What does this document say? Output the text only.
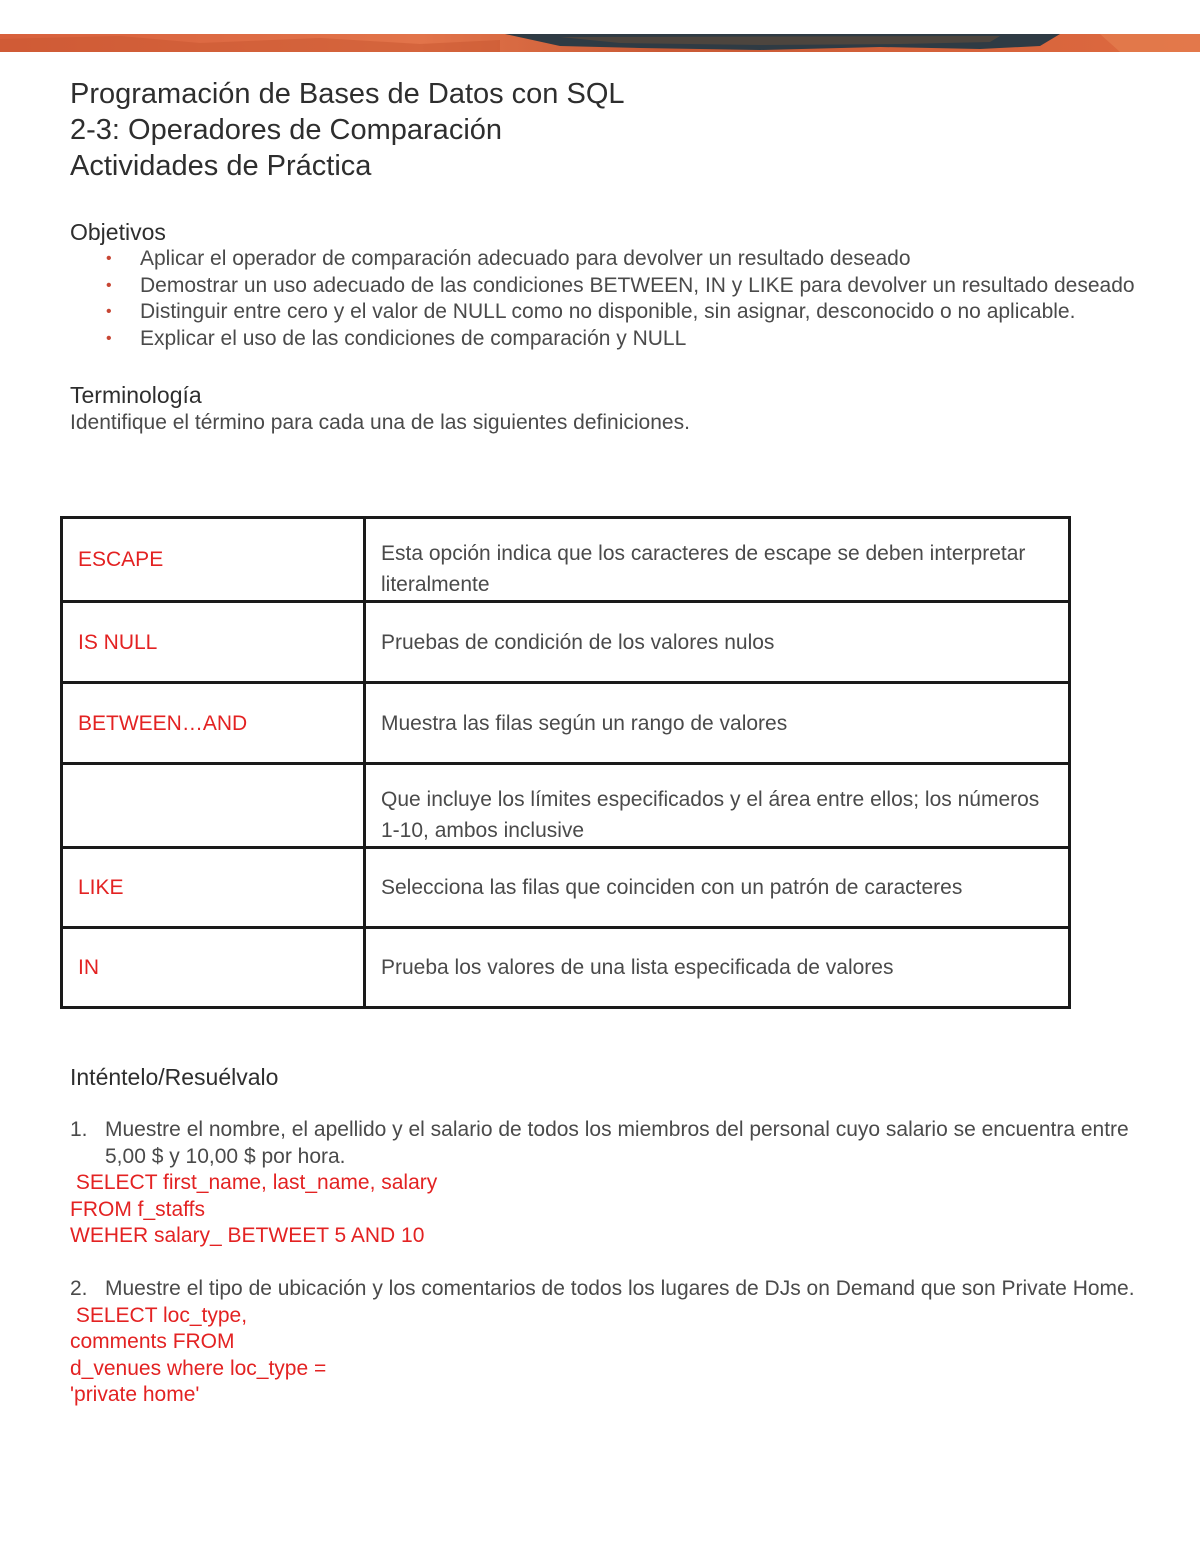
Programación de Bases de Datos con SQL
2-3: Operadores de Comparación
Actividades de Práctica
Objetivos
• Aplicar el operador de comparación adecuado para devolver un resultado deseado
• Demostrar un uso adecuado de las condiciones BETWEEN, IN y LIKE para devolver un resultado deseado
• Distinguir entre cero y el valor de NULL como no disponible, sin asignar, desconocido o no aplicable.
• Explicar el uso de las condiciones de comparación y NULL
Terminología

Identifique el término para cada una de las siguientes definiciones.

ESCAPE	Esta opción indica que los caracteres de escape se deben interpretar literalmente
IS NULL	Pruebas de condición de los valores nulos
BETWEEN…AND	Muestra las filas según un rango de valores
	Que incluye los límites especificados y el área entre ellos; los números 1-10, ambos inclusive
LIKE	Selecciona las filas que coinciden con un patrón de caracteres
IN	Prueba los valores de una lista especificada de valores
Inténtelo/Resuélvalo
1. Muestre el nombre, el apellido y el salario de todos los miembros del personal cuyo salario se encuentra entre 5,00 $ y 10,00 $ por hora.

SELECT first_name, last_name, salary

FROM f_staffs

WEHER salary_ BETWEET 5 AND 10

2. Muestre el tipo de ubicación y los comentarios de todos los lugares de DJs on Demand que son Private Home.

SELECT loc_type,

comments FROM

d_venues where loc_type =

'private home'
